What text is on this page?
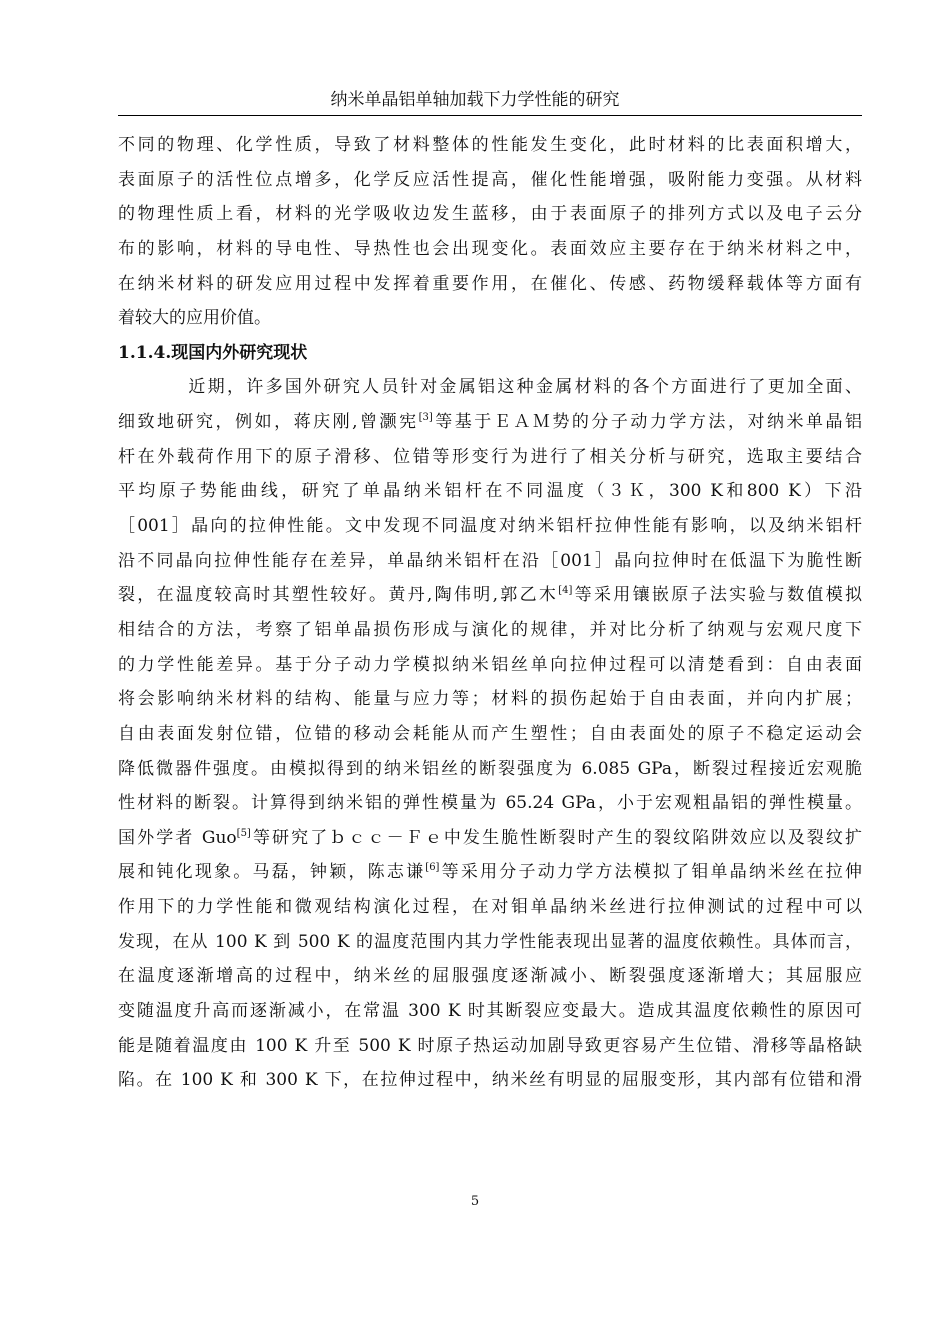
纳米单晶铝单轴加载下力学性能的研究
不同的物理、化学性质，导致了材料整体的性能发生变化，此时材料的比表面积增大，
表面原子的活性位点增多，化学反应活性提高，催化性能增强，吸附能力变强。从材料
的物理性质上看，材料的光学吸收边发生蓝移，由于表面原子的排列方式以及电子云分
布的影响，材料的导电性、导热性也会出现变化。表面效应主要存在于纳米材料之中，
在纳米材料的研发应用过程中发挥着重要作用，在催化、传感、药物缓释载体等方面有
着较大的应用价值。
1.1.4.现国内外研究现状
近期，许多国外研究人员针对金属铝这种金属材料的各个方面进行了更加全面、
细致地研究，例如，蒋庆刚,曾灏宪[3]等基于ＥＡＭ势的分子动力学方法，对纳米单晶铝
杆在外载荷作用下的原子滑移、位错等形变行为进行了相关分析与研究，选取主要结合
平均原子势能曲线，研究了单晶纳米铝杆在不同温度（３Ｋ，300 K和800 K）下沿
［001］晶向的拉伸性能。文中发现不同温度对纳米铝杆拉伸性能有影响，以及纳米铝杆
沿不同晶向拉伸性能存在差异，单晶纳米铝杆在沿［001］晶向拉伸时在低温下为脆性断
裂，在温度较高时其塑性较好。黄丹,陶伟明,郭乙木[4]等采用镶嵌原子法实验与数值模拟
相结合的方法，考察了铝单晶损伤形成与演化的规律，并对比分析了纳观与宏观尺度下
的力学性能差异。基于分子动力学模拟纳米铝丝单向拉伸过程可以清楚看到：自由表面
将会影响纳米材料的结构、能量与应力等；材料的损伤起始于自由表面，并向内扩展；
自由表面发射位错，位错的移动会耗能从而产生塑性；自由表面处的原子不稳定运动会
降低微器件强度。由模拟得到的纳米铝丝的断裂强度为 6.085 GPa，断裂过程接近宏观脆
性材料的断裂。计算得到纳米铝的弹性模量为 65.24 GPa，小于宏观粗晶铝的弹性模量。
国外学者 Guo[5]等研究了ｂｃｃ－Ｆｅ中发生脆性断裂时产生的裂纹陷阱效应以及裂纹扩
展和钝化现象。马磊，钟颖，陈志谦[6]等采用分子动力学方法模拟了钼单晶纳米丝在拉伸
作用下的力学性能和微观结构演化过程，在对钼单晶纳米丝进行拉伸测试的过程中可以
发现，在从 100 K 到 500 K 的温度范围内其力学性能表现出显著的温度依赖性。具体而言，
在温度逐渐增高的过程中，纳米丝的屈服强度逐渐减小、断裂强度逐渐增大；其屈服应
变随温度升高而逐渐减小，在常温 300 K 时其断裂应变最大。造成其温度依赖性的原因可
能是随着温度由 100 K 升至 500 K 时原子热运动加剧导致更容易产生位错、滑移等晶格缺
陷。在 100 K 和 300 K 下，在拉伸过程中，纳米丝有明显的屈服变形，其内部有位错和滑
5
